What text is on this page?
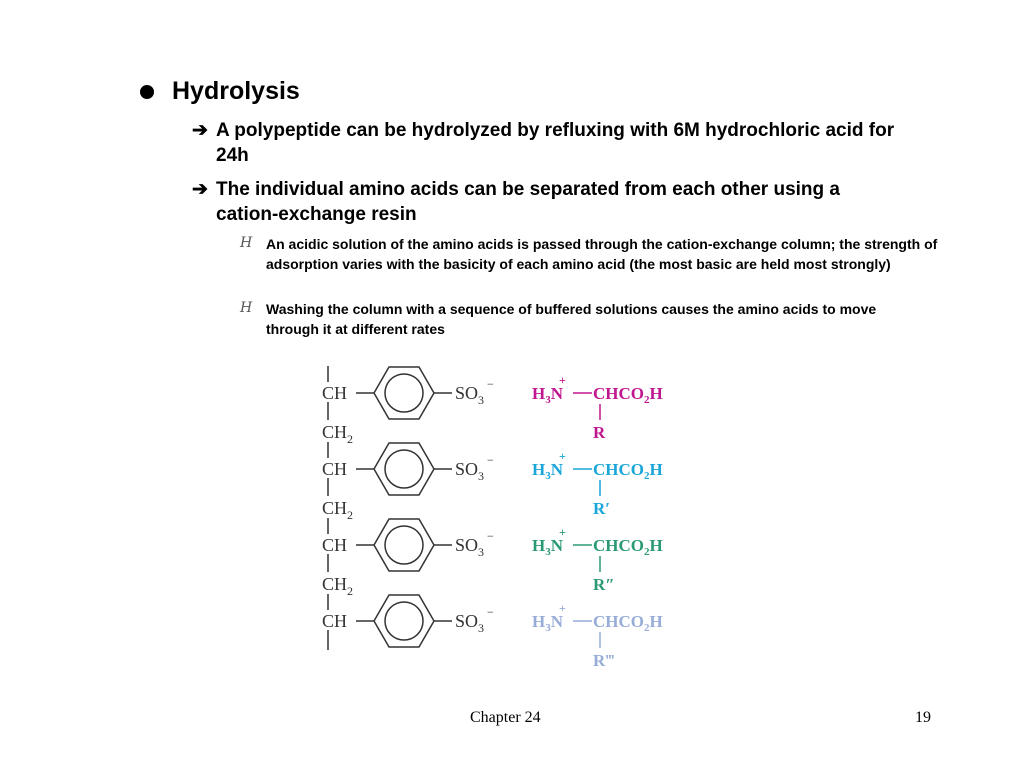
Hydrolysis
➔ A polypeptide can be hydrolyzed by refluxing with 6M hydrochloric acid for 24h
➔ The individual amino acids can be separated from each other using a cation-exchange resin
H An acidic solution of the amino acids is passed through the cation-exchange column; the strength of adsorption varies with the basicity of each amino acid (the most basic are held most strongly)
H Washing the column with a sequence of buffered solutions causes the amino acids to move through it at different rates
CH
$CH_2$
CH
$CH_2$
CH
$CH_2$
CH
$SO_3^-$
$SO_3^-$
$SO_3^-$
$SO_3^-$
+
$H_3N$ $CHCO_2H$
R
+
$H_3N$ $CHCO_2H$
R′
+
$H_3N$ $CHCO_2H$
R″
+
$H_3N$ $CHCO_2H$
R‴
Chapter 24	19
